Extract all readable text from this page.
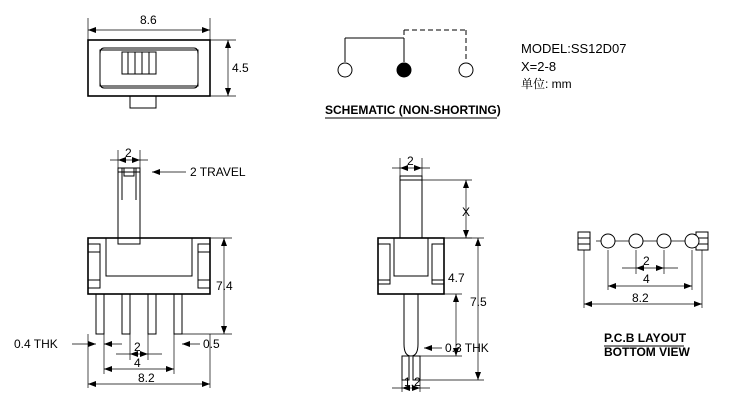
8.6
4.5
SCHEMATIC (NON-SHORTING)
MODEL:SS12D07
X=2-8
单位: mm
2
2 TRAVEL
7.4
0.4 THK	2
4
8.2
0.5
2
X
4.7
7.5
0.3 THK
1.2
2
4
8.2
P.C.B LAYOUT
BOTTOM VIEW
